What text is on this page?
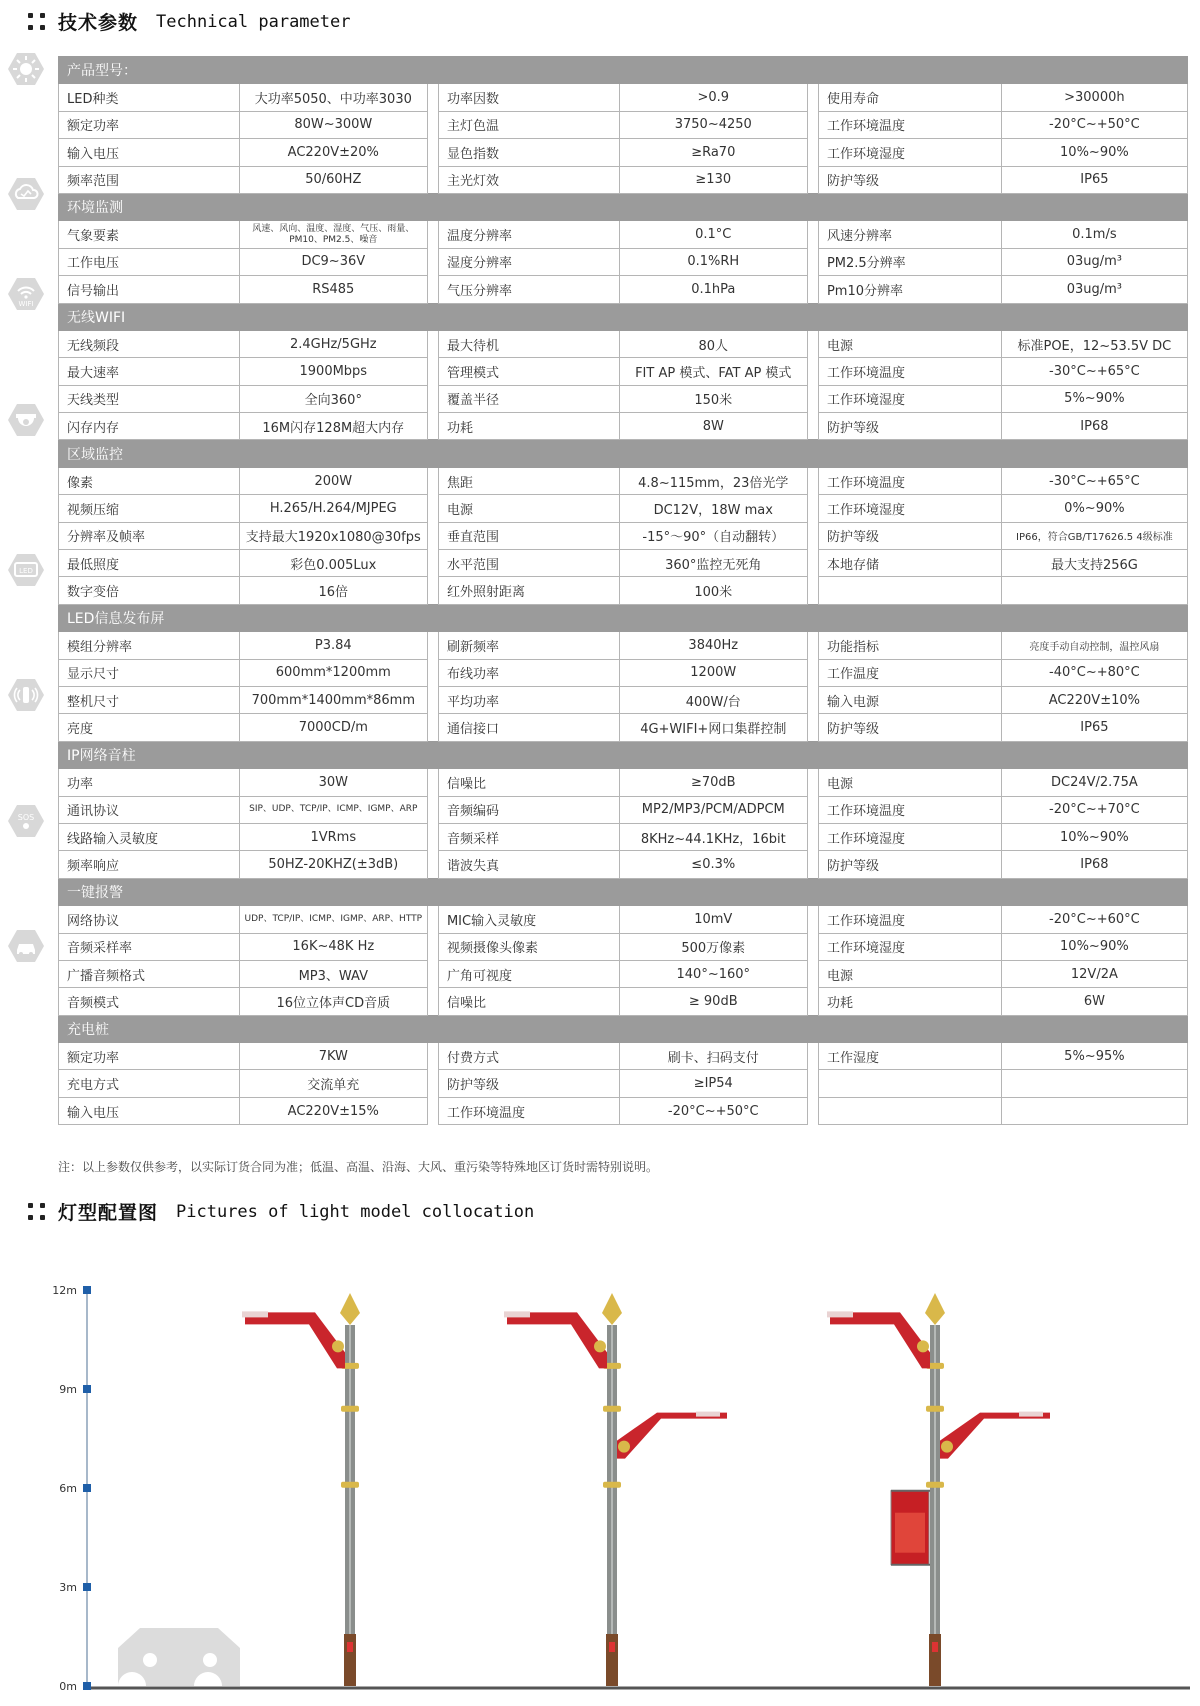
技术参数 Technical parameter
WIFI
LED
SOS
产品型号：							
LED种类	大功率5050、中功率3030		功率因数	>0.9		使用寿命	>30000h
额定功率	80W~300W		主灯色温	3750~4250		工作环境温度	-20°C~+50°C
输入电压	AC220V±20%		显色指数	≥Ra70		工作环境湿度	10%~90%
频率范围	50/60HZ		主光灯效	≥130		防护等级	IP65
环境监测							
气象要素	风速、风向、温度、湿度、气压、雨量、PM10、PM2.5、噪音		温度分辨率	0.1°C		风速分辨率	0.1m/s
工作电压	DC9~36V		湿度分辨率	0.1%RH		PM2.5分辨率	03ug/m³
信号输出	RS485		气压分辨率	0.1hPa		Pm10分辨率	03ug/m³
无线WIFI							
无线频段	2.4GHz/5GHz		最大待机	80人		电源	标准POE，12~53.5V DC
最大速率	1900Mbps		管理模式	FIT AP 模式、FAT AP 模式		工作环境温度	-30°C~+65°C
天线类型	全向360°		覆盖半径	150米		工作环境湿度	5%~90%
闪存内存	16M闪存128M超大内存		功耗	8W		防护等级	IP68
区域监控							
像素	200W		焦距	4.8~115mm，23倍光学		工作环境温度	-30°C~+65°C
视频压缩	H.265/H.264/MJPEG		电源	DC12V，18W max		工作环境湿度	0%~90%
分辨率及帧率	支持最大1920x1080@30fps		垂直范围	-15°～90°（自动翻转）		防护等级	IP66，符合GB/T17626.5 4级标准
最低照度	彩色0.005Lux		水平范围	360°监控无死角		本地存储	最大支持256G
数字变倍	16倍		红外照射距离	100米			
LED信息发布屏							
模组分辨率	P3.84		刷新频率	3840Hz		功能指标	亮度手动自动控制，温控风扇
显示尺寸	600mm*1200mm		布线功率	1200W		工作温度	-40°C~+80°C
整机尺寸	700mm*1400mm*86mm		平均功率	400W/台		输入电源	AC220V±10%
亮度	7000CD/m		通信接口	4G+WIFI+网口集群控制		防护等级	IP65
IP网络音柱							
功率	30W		信噪比	≥70dB		电源	DC24V/2.75A
通讯协议	SIP、UDP、TCP/IP、ICMP、IGMP、ARP		音频编码	MP2/MP3/PCM/ADPCM		工作环境温度	-20°C~+70°C
线路输入灵敏度	1VRms		音频采样	8KHz~44.1KHz，16bit		工作环境湿度	10%~90%
频率响应	50HZ-20KHZ(±3dB)		谐波失真	≤0.3%		防护等级	IP68
一键报警							
网络协议	UDP、TCP/IP、ICMP、IGMP、ARP、HTTP		MIC输入灵敏度	10mV		工作环境温度	-20°C~+60°C
音频采样率	16K~48K Hz		视频摄像头像素	500万像素		工作环境湿度	10%~90%
广播音频格式	MP3、WAV		广角可视度	140°~160°		电源	12V/2A
音频模式	16位立体声CD音质		信噪比	≥ 90dB		功耗	6W
充电桩							
额定功率	7KW		付费方式	刷卡、扫码支付		工作湿度	5%~95%
充电方式	交流单充		防护等级	≥IP54			
输入电压	AC220V±15%		工作环境温度	-20°C~+50°C			
注：以上参数仅供参考，以实际订货合同为准；低温、高温、沿海、大风、重污染等特殊地区订货时需特别说明。
灯型配置图 Pictures of light model collocation
0m
3m
6m
9m
12m
